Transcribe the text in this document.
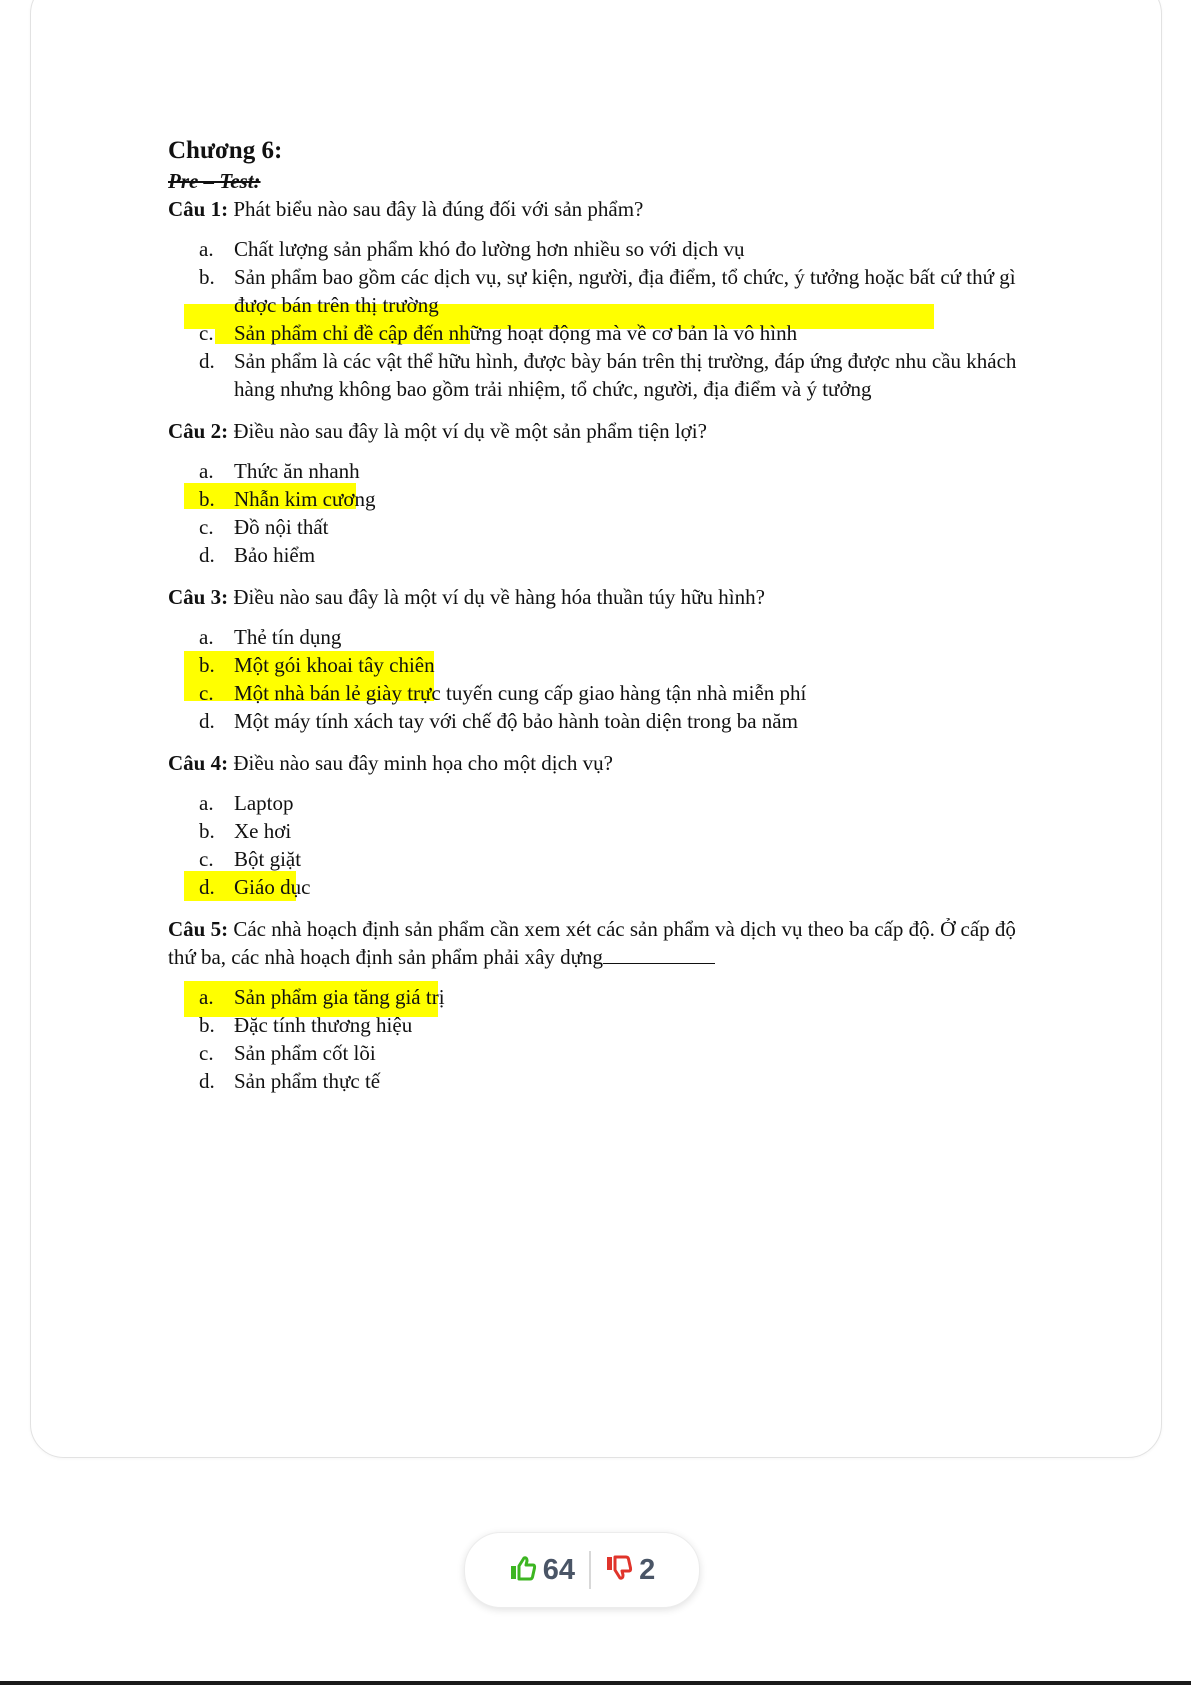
Chương 6:

Pre – Test:

Câu 1: Phát biểu nào sau đây là đúng đối với sản phẩm?

a. Chất lượng sản phẩm khó đo lường hơn nhiều so với dịch vụ
b. Sản phẩm bao gồm các dịch vụ, sự kiện, người, địa điểm, tổ chức, ý tưởng hoặc bất cứ thứ gì được bán trên thị trường
c. Sản phẩm chỉ đề cập đến những hoạt động mà về cơ bản là vô hình
d. Sản phẩm là các vật thể hữu hình, được bày bán trên thị trường, đáp ứng được nhu cầu khách hàng nhưng không bao gồm trải nhiệm, tổ chức, người, địa điểm và ý tưởng

Câu 2: Điều nào sau đây là một ví dụ về một sản phẩm tiện lợi?

a. Thức ăn nhanh
b. Nhẫn kim cương
c. Đồ nội thất
d. Bảo hiểm

Câu 3: Điều nào sau đây là một ví dụ về hàng hóa thuần túy hữu hình?

a. Thẻ tín dụng
b. Một gói khoai tây chiên
c. Một nhà bán lẻ giày trực tuyến cung cấp giao hàng tận nhà miễn phí
d. Một máy tính xách tay với chế độ bảo hành toàn diện trong ba năm

Câu 4: Điều nào sau đây minh họa cho một dịch vụ?

a. Laptop
b. Xe hơi
c. Bột giặt
d. Giáo dục

Câu 5: Các nhà hoạch định sản phẩm cần xem xét các sản phẩm và dịch vụ theo ba cấp độ. Ở cấp độ thứ ba, các nhà hoạch định sản phẩm phải xây dựng

a. Sản phẩm gia tăng giá trị
b. Đặc tính thương hiệu
c. Sản phẩm cốt lõi
d. Sản phẩm thực tế
64 2
